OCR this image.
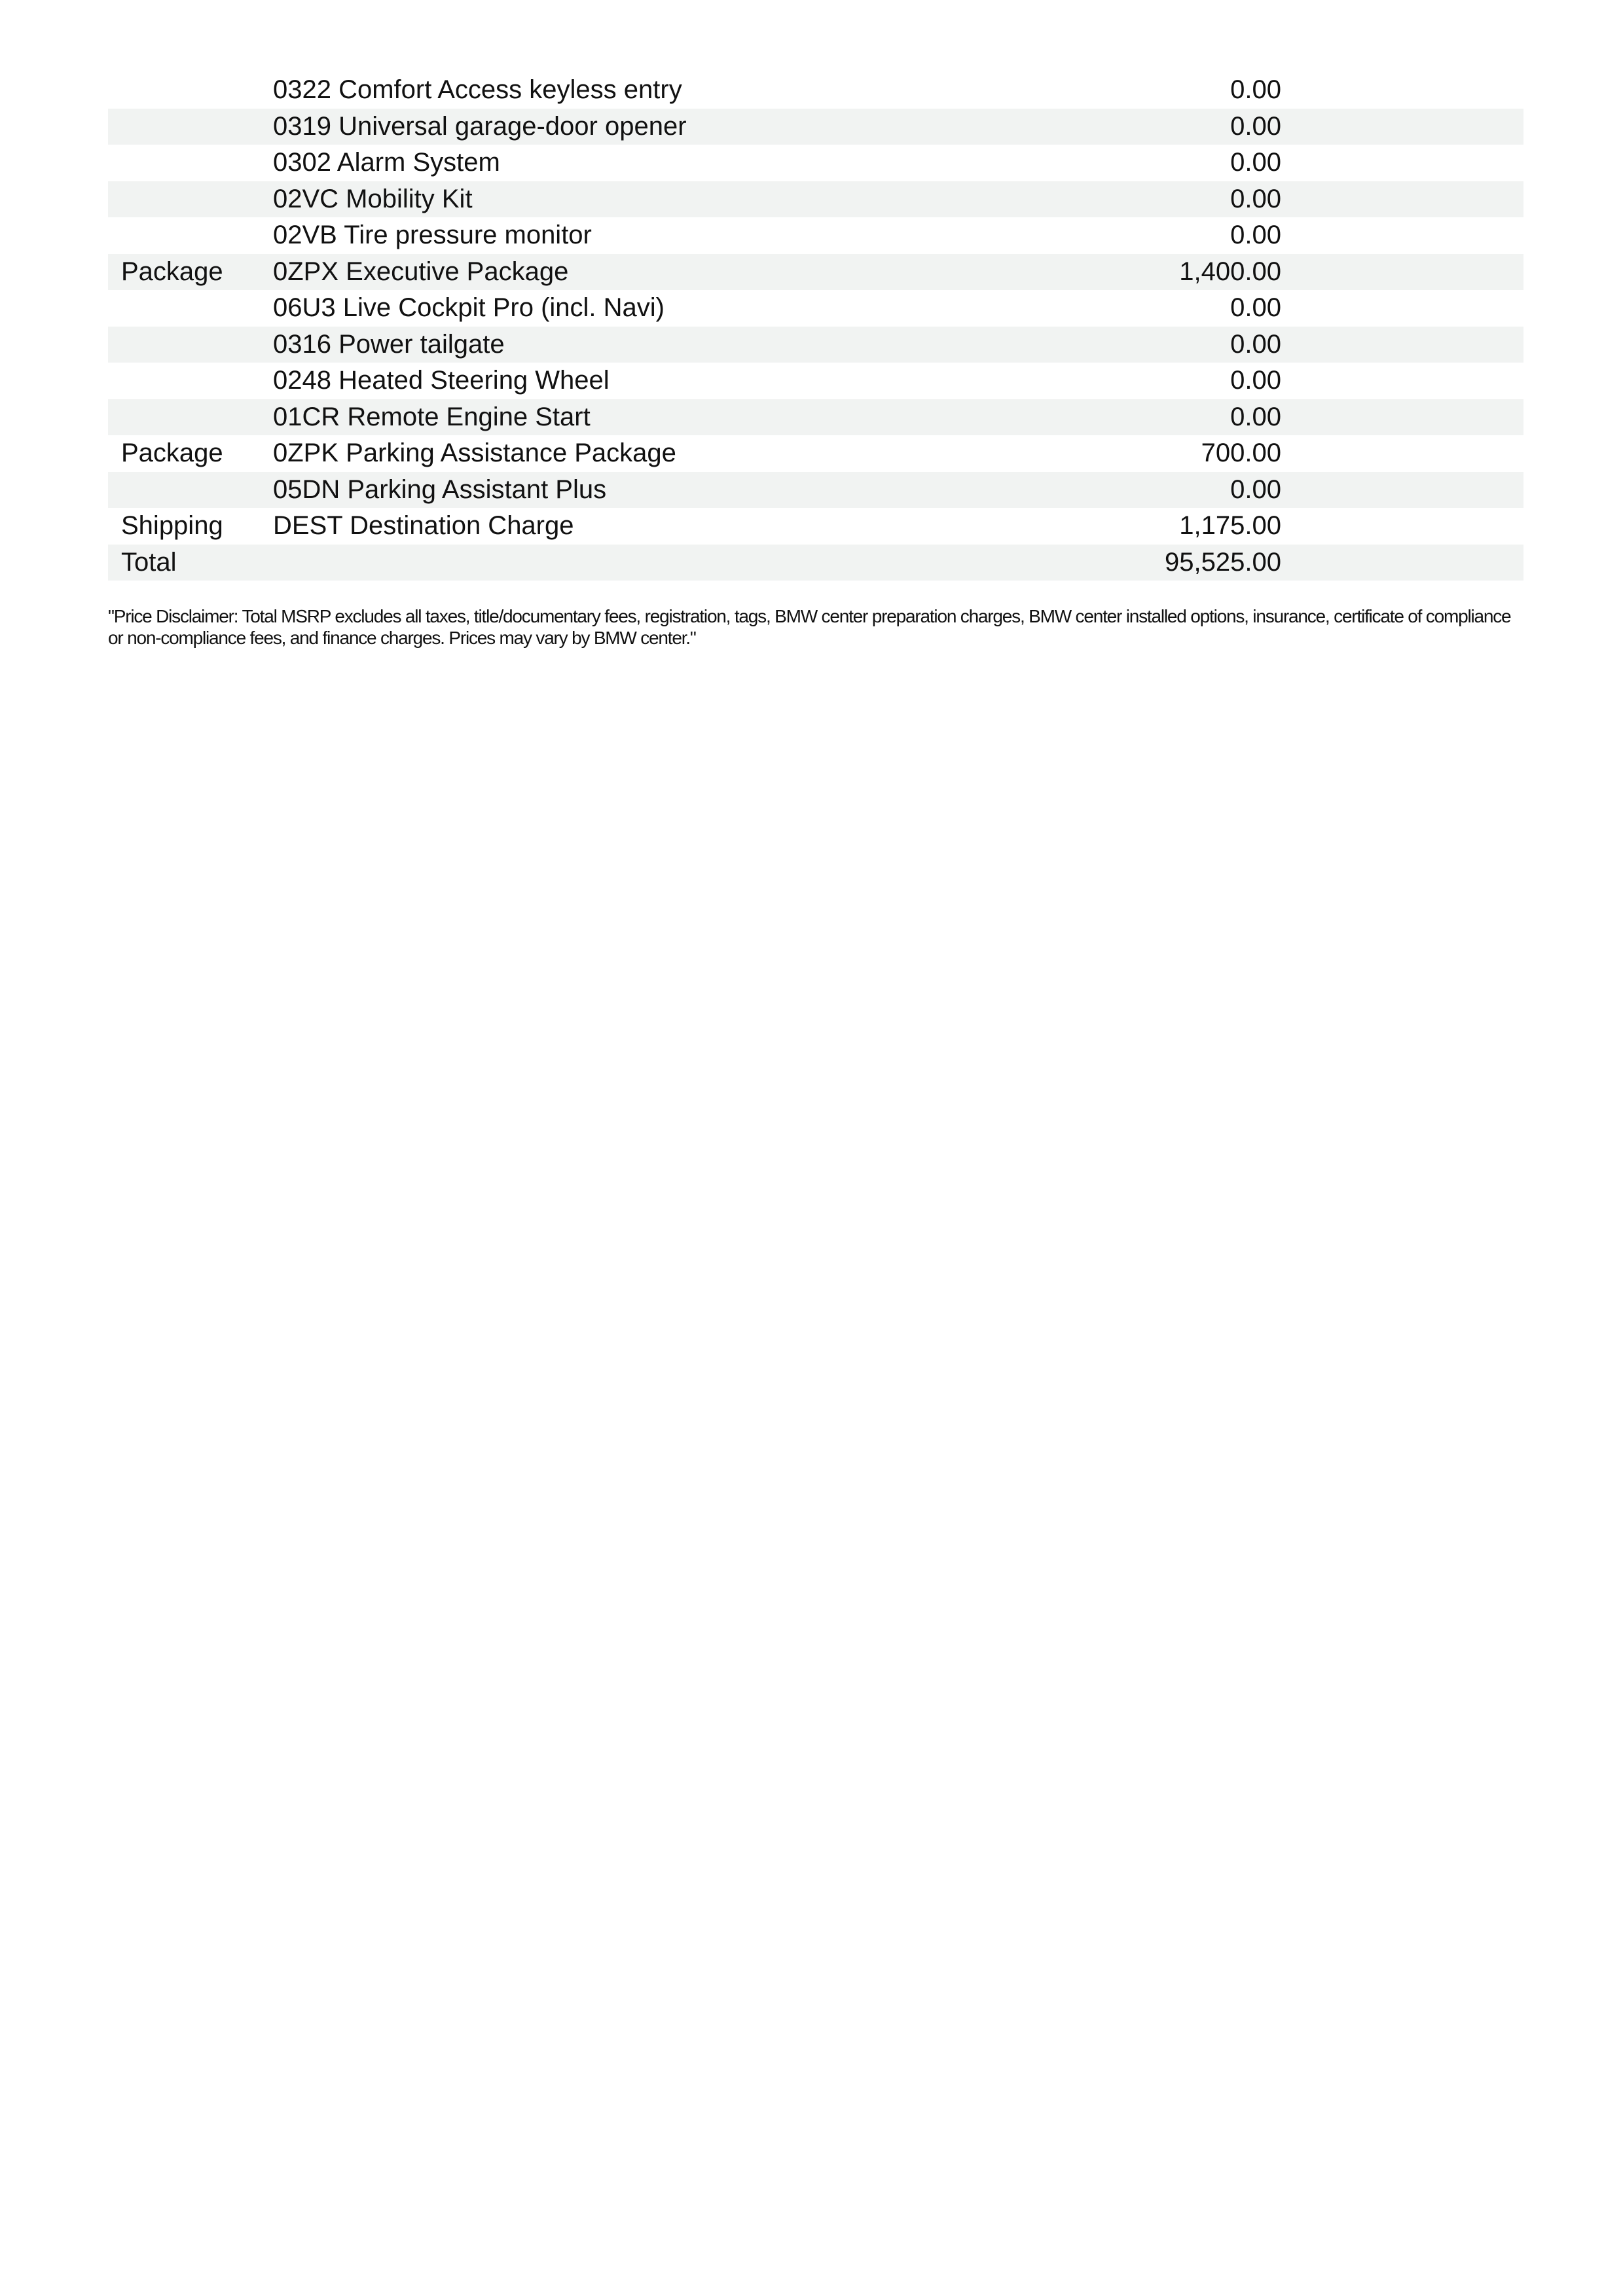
	0322 Comfort Access keyless entry	0.00	
	0319 Universal garage-door opener	0.00	
	0302 Alarm System	0.00	
	02VC Mobility Kit	0.00	
	02VB Tire pressure monitor	0.00	
Package	0ZPX Executive Package	1,400.00	
	06U3 Live Cockpit Pro (incl. Navi)	0.00	
	0316 Power tailgate	0.00	
	0248 Heated Steering Wheel	0.00	
	01CR Remote Engine Start	0.00	
Package	0ZPK Parking Assistance Package	700.00	
	05DN Parking Assistant Plus	0.00	
Shipping	DEST Destination Charge	1,175.00	
Total		95,525.00	
"Price Disclaimer: Total MSRP excludes all taxes, title/documentary fees, registration, tags, BMW center preparation charges, BMW center installed options, insurance, certificate of compliance or non-compliance fees, and finance charges. Prices may vary by BMW center."
